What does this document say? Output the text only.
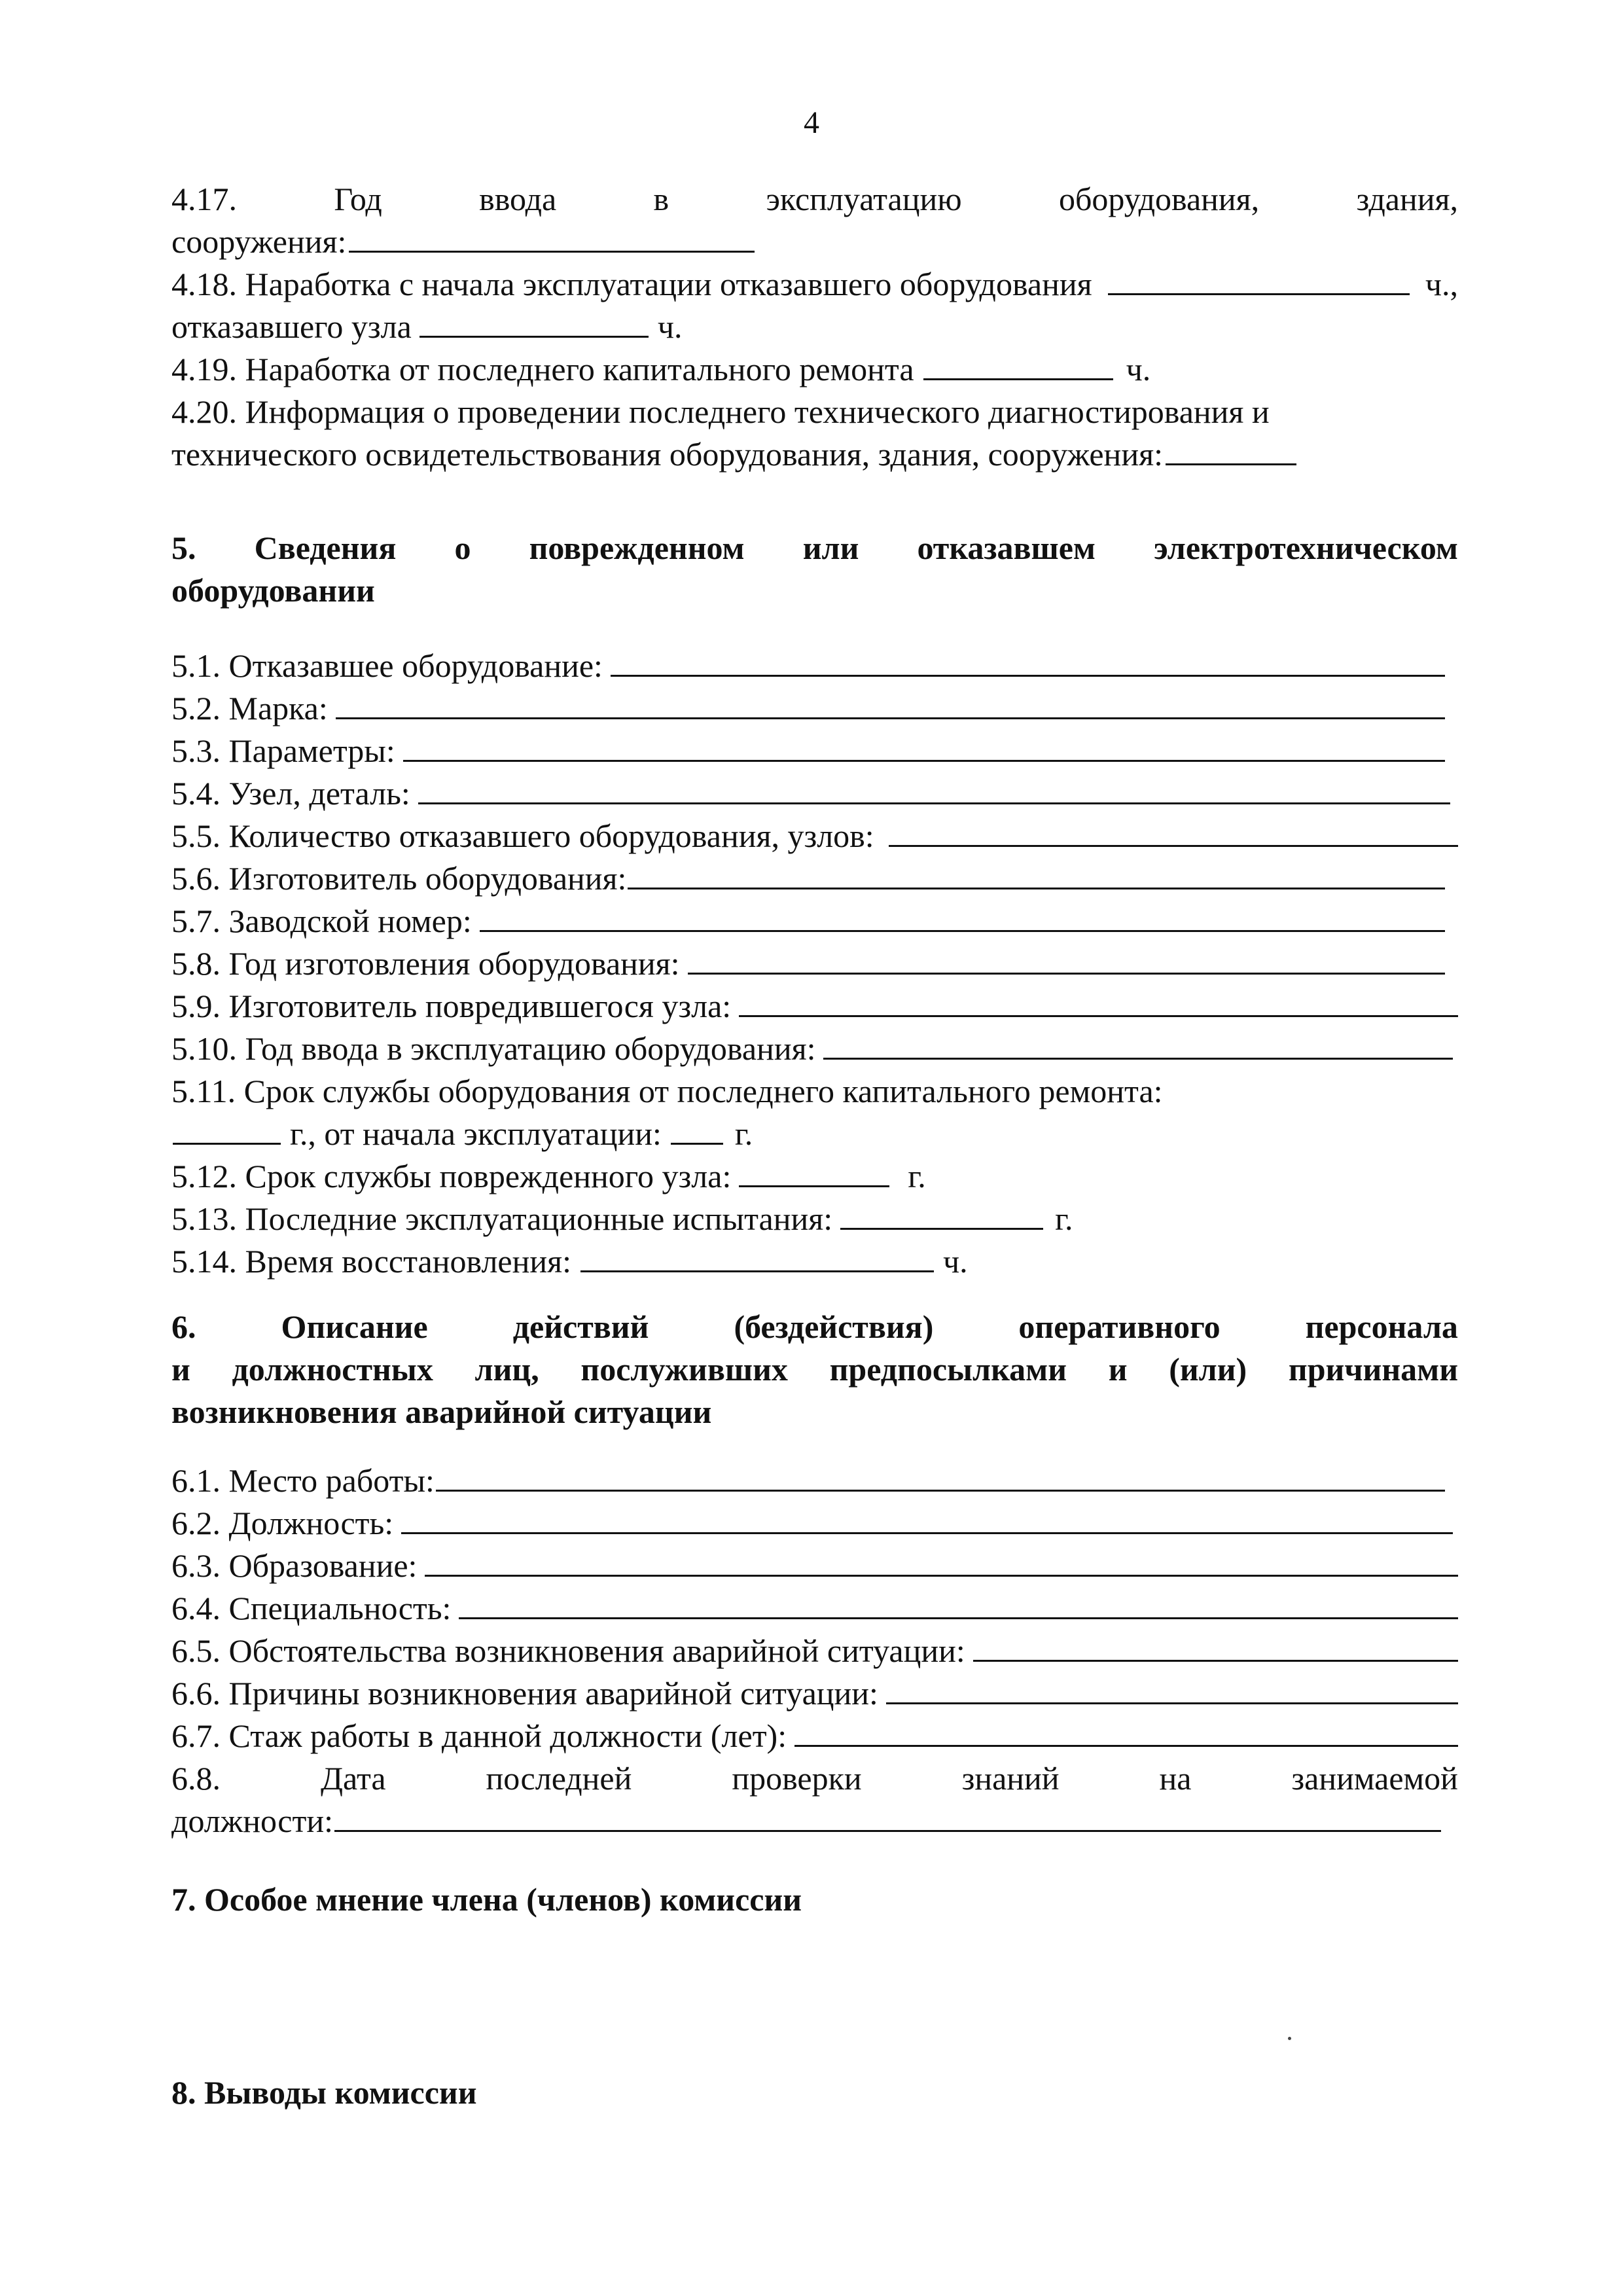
4
4.17.	Год	ввода	в	эксплуатацию	оборудования,	здания,
сооружения:
4.18. Наработка с начала эксплуатации отказавшего оборудования	ч.,
отказавшего узла	ч.
4.19. Наработка от последнего капитального ремонта	ч.
4.20. Информация о проведении последнего технического диагностирования и технического освидетельствования оборудования, здания, сооружения:
5. Сведения о поврежденном или отказавшем электротехническом
оборудовании
5.1. Отказавшее оборудование:
5.2. Марка:
5.3. Параметры:
5.4. Узел, деталь:
5.5. Количество отказавшего оборудования, узлов:
5.6. Изготовитель оборудования:
5.7. Заводской номер:
5.8. Год изготовления оборудования:
5.9. Изготовитель повредившегося узла:
5.10. Год ввода в эксплуатацию оборудования:
5.11. Срок службы оборудования от последнего капитального ремонта:
г., от начала эксплуатации: г.
5.12. Срок службы поврежденного узла:	г.
5.13. Последние эксплуатационные испытания:	г.
5.14. Время восстановления:	ч.
6.	Описание	действий	(бездействия)	оперативного	персонала
и должностных лиц, послуживших предпосылками и (или) причинами
возникновения аварийной ситуации
6.1. Место работы:
6.2. Должность:
6.3. Образование:
6.4. Специальность:
6.5. Обстоятельства возникновения аварийной ситуации:
6.6. Причины возникновения аварийной ситуации:
6.7. Стаж работы в данной должности (лет):
6.8.	Дата	последней	проверки	знаний	на	занимаемой
должности:
7. Особое мнение члена (членов) комиссии
8. Выводы комиссии
